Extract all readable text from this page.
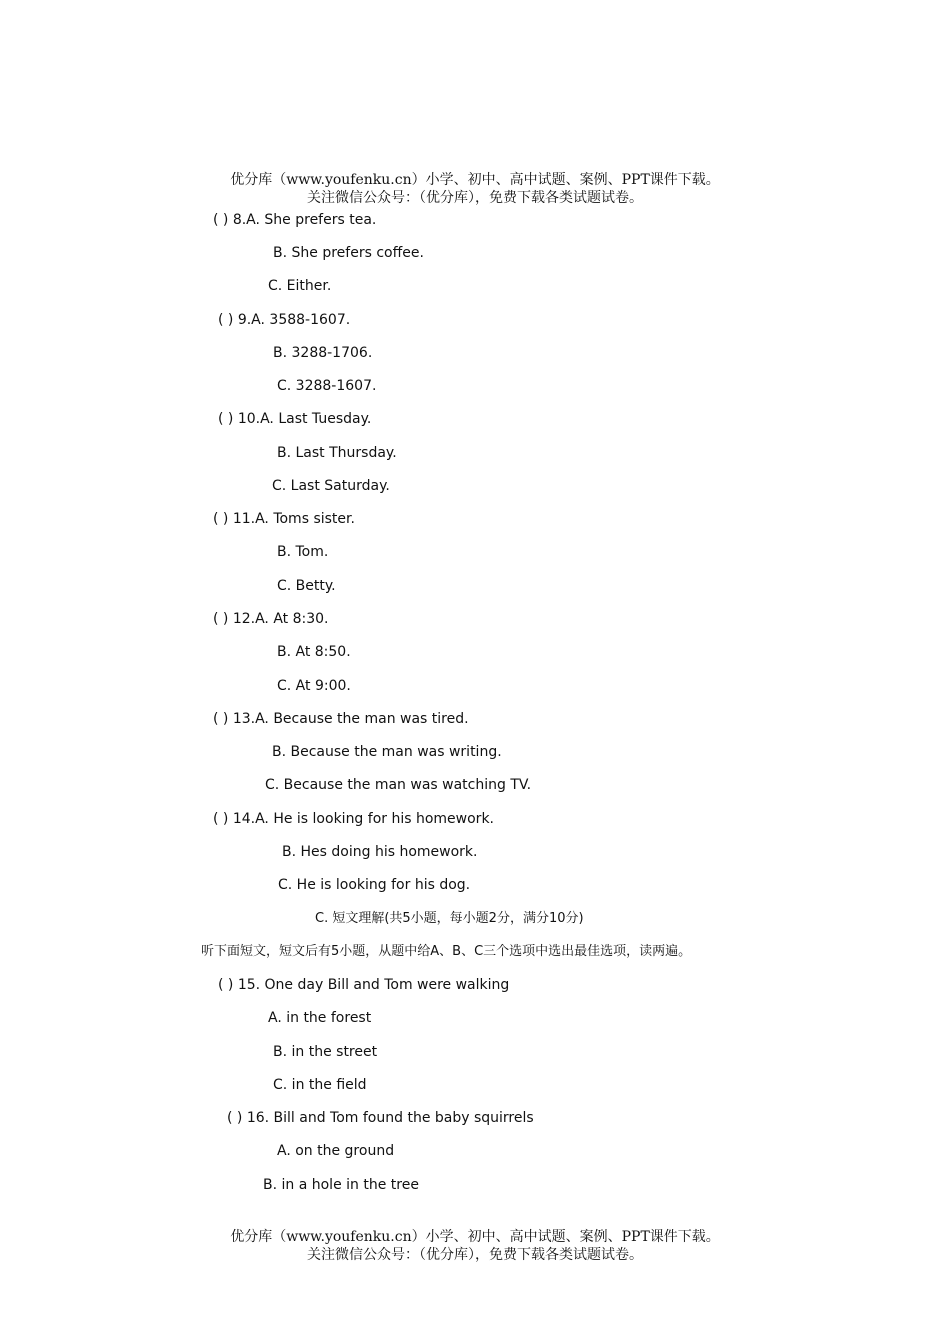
优分库（www.youfenku.cn）小学、初中、高中试题、案例、PPT课件下载。
关注微信公众号：（优分库），免费下载各类试题试卷。
( ) 8.A. She prefers tea.
B. She prefers coffee.
C. Either.
( ) 9.A. 3588-1607.
B. 3288-1706.
C. 3288-1607.
( ) 10.A. Last Tuesday.
B. Last Thursday.
C. Last Saturday.
( ) 11.A. Toms sister.
B. Tom.
C. Betty.
( ) 12.A. At 8:30.
B. At 8:50.
C. At 9:00.
( ) 13.A. Because the man was tired.
B. Because the man was writing.
C. Because the man was watching TV.
( ) 14.A. He is looking for his homework.
B. Hes doing his homework.
C. He is looking for his dog.
C. 短文理解(共5小题，每小题2分，满分10分)
听下面短文，短文后有5小题，从题中给A、B、C三个选项中选出最佳选项，读两遍。
( ) 15. One day Bill and Tom were walking
A. in the forest
B. in the street
C. in the field
( ) 16. Bill and Tom found the baby squirrels
A. on the ground
B. in a hole in the tree
优分库（www.youfenku.cn）小学、初中、高中试题、案例、PPT课件下载。
关注微信公众号：（优分库），免费下载各类试题试卷。
